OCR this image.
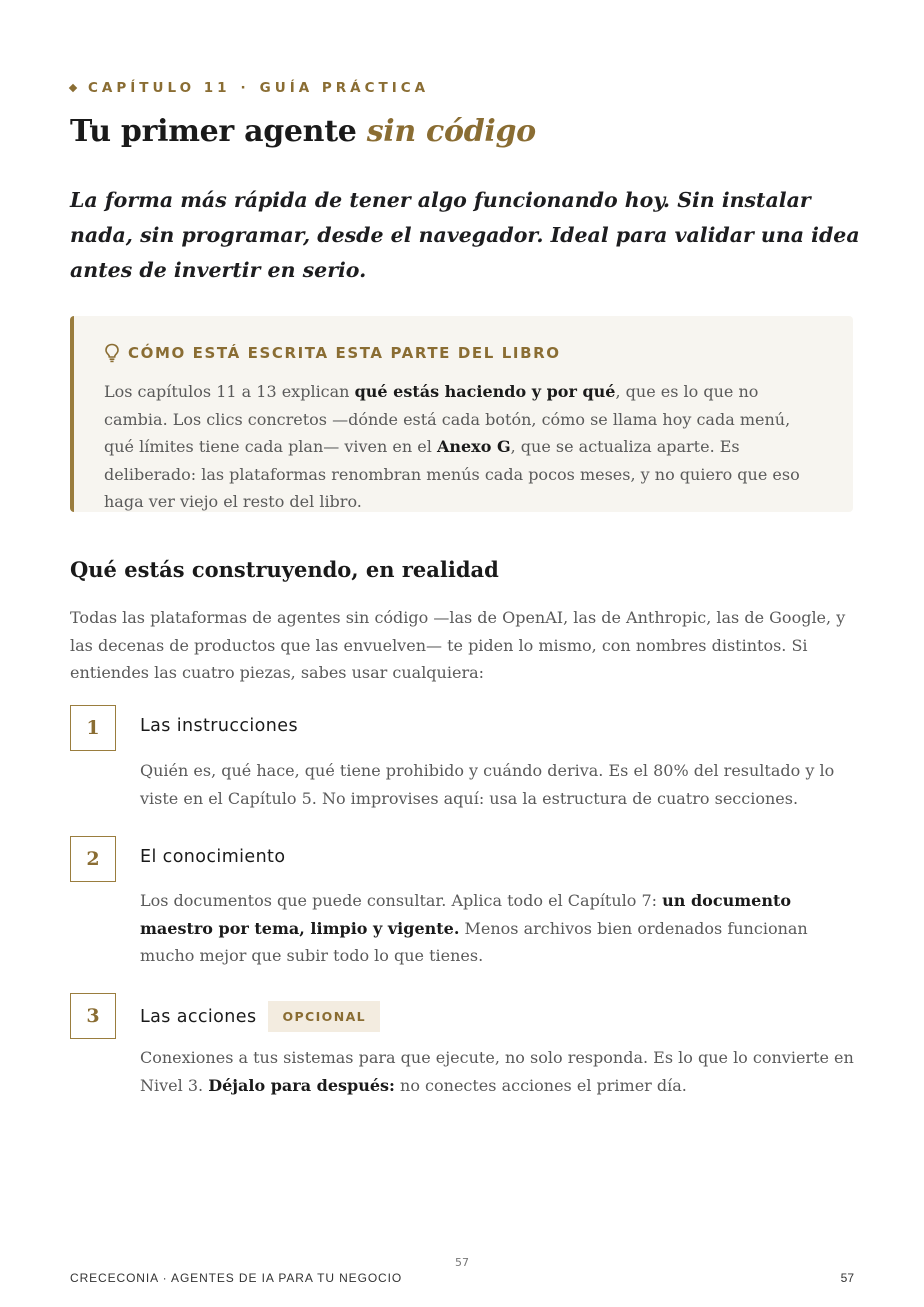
CAPÍTULO 11 · GUÍA PRÁCTICA
Tu primer agente sin código

La forma más rápida de tener algo funcionando hoy. Sin instalar nada, sin programar, desde el navegador. Ideal para validar una idea antes de invertir en serio.

CÓMO ESTÁ ESCRITA ESTA PARTE DEL LIBRO

Los capítulos 11 a 13 explican qué estás haciendo y por qué, que es lo que no cambia. Los clics concretos —dónde está cada botón, cómo se llama hoy cada menú, qué límites tiene cada plan— viven en el Anexo G, que se actualiza aparte. Es deliberado: las plataformas renombran menús cada pocos meses, y no quiero que eso haga ver viejo el resto del libro.

Qué estás construyendo, en realidad

Todas las plataformas de agentes sin código —las de OpenAI, las de Anthropic, las de Google, y las decenas de productos que las envuelven— te piden lo mismo, con nombres distintos. Si entiendes las cuatro piezas, sabes usar cualquiera:

1	Las instrucciones

Quién es, qué hace, qué tiene prohibido y cuándo deriva. Es el 80% del resultado y lo viste en el Capítulo 5. No improvises aquí: usa la estructura de cuatro secciones.

2	El conocimiento

Los documentos que puede consultar. Aplica todo el Capítulo 7: un documento maestro por tema, limpio y vigente. Menos archivos bien ordenados funcionan mucho mejor que subir todo lo que tienes.

3	Las acciones	OPCIONAL

Conexiones a tus sistemas para que ejecute, no solo responda. Es lo que lo convierte en Nivel 3. Déjalo para después: no conectes acciones el primer día.

57
CRECECONIA · AGENTES DE IA PARA TU NEGOCIO	57
